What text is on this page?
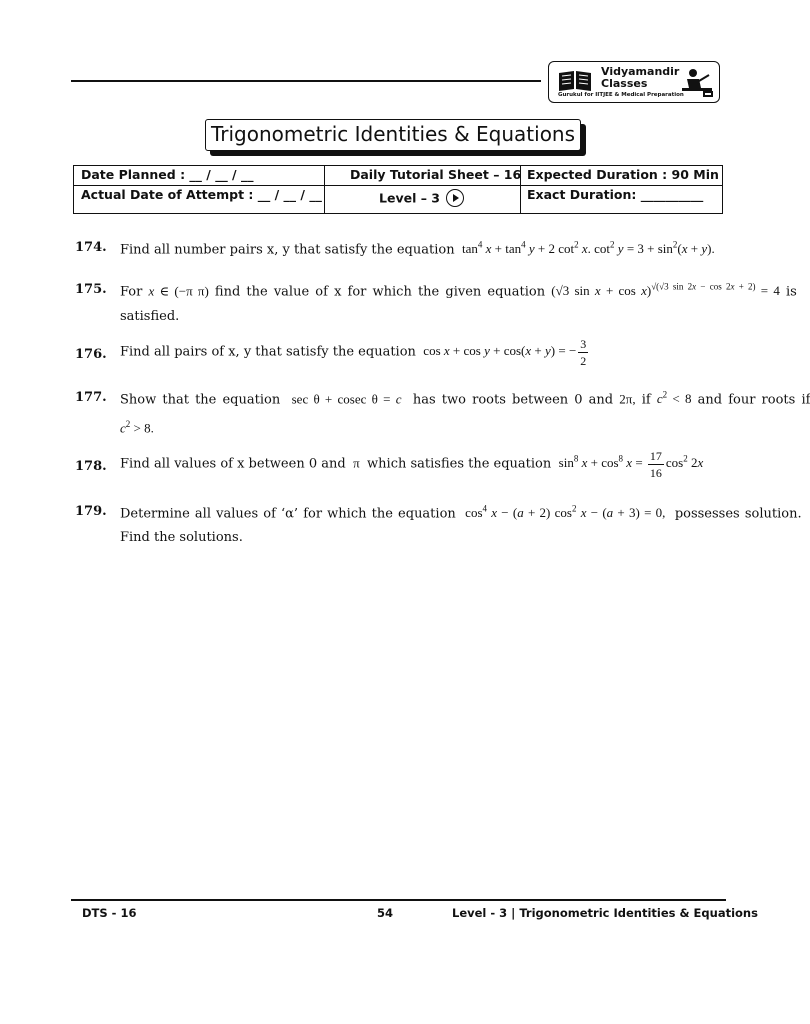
Vidyamandir
Classes
Gurukul for IITJEE & Medical Preparation
Trigonometric Identities & Equations
Date Planned : __ / __ / __
Actual Date of Attempt : __ / __ / __
Daily Tutorial Sheet – 16
Level – 3
Expected Duration : 90 Min
Exact Duration: __________
174. Find all number pairs x, y that satisfy the equation  $\tan^4 x + \tan^4 y + 2$ $\cot^2 x$. $\cot^2 y = 3 + \sin^2(x + y)$.
175. For x ∈ (−π π) find the value of x for which the given equation (√3 sin x + cos x)$^{√(√3 sin 2x - cos 2x + 2)}$ = 4 is
satisfied.
176. Find all pairs of x, y that satisfy the equation  cos x + cos y + cos(x + y) = − $\frac{3}{2}$
177. Show that the equation  sec θ + cosec θ = c has two roots between 0 and 2π, if $c^2 < 8$ and four roots if
$c^2 > 8$.
178. Find all values of x between 0 and  π  which satisfies the equation  $\sin^8 x + \cos^8 x = \frac{17}{16} \cos^2 2x$
179. Determine all values of ‘α’ for which the equation  $\cos^4 x - (a + 2)$ $\cos^2 x - (a + 3) = 0$,  possesses solution.
Find the solutions.
DTS - 16	54	Level - 3 | Trigonometric Identities & Equations
